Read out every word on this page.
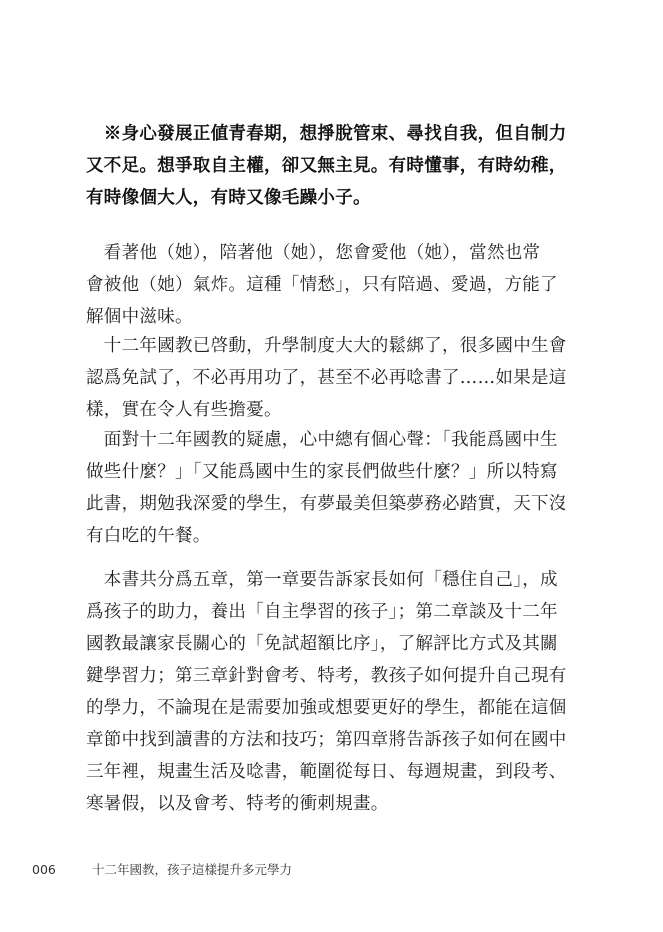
　※身心發展正値青春期，想掙脫管束、尋找自我，但自制力
又不足。想爭取自主權，卻又無主見。有時懂事，有時幼稚，
有時像個大人，有時又像毛躁小子。
　看著他（她），陪著他（她），您會愛他（她），當然也常
會被他（她）氣炸。這種「情愁」，只有陪過、愛過，方能了
解個中滋味。
　十二年國教已啓動，升學制度大大的鬆綁了，很多國中生會
認爲免試了，不必再用功了，甚至不必再唸書了……如果是這
樣，實在令人有些擔憂。
　面對十二年國教的疑慮，心中總有個心聲：「我能爲國中生
做些什麼？」「又能爲國中生的家長們做些什麼？」所以特寫
此書，期勉我深愛的學生，有夢最美但築夢務必踏實，天下沒
有白吃的午餐。
　本書共分爲五章，第一章要告訴家長如何「穩住自己」，成
爲孩子的助力，養出「自主學習的孩子」；第二章談及十二年
國教最讓家長關心的「免試超額比序」，了解評比方式及其關
鍵學習力；第三章針對會考、特考，教孩子如何提升自己現有
的學力，不論現在是需要加強或想要更好的學生，都能在這個
章節中找到讀書的方法和技巧；第四章將告訴孩子如何在國中
三年裡，規畫生活及唸書，範圍從每日、每週規畫，到段考、
寒暑假，以及會考、特考的衝刺規畫。
006	十二年國教，孩子這樣提升多元學力
